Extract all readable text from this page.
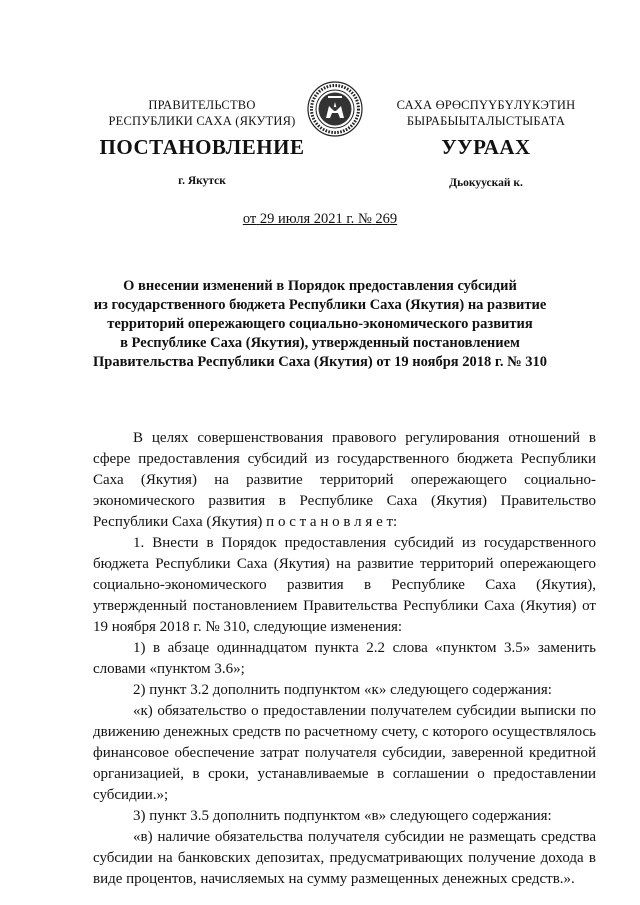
ПРАВИТЕЛЬСТВО
РЕСПУБЛИКИ САХА (ЯКУТИЯ)
САХА ӨРӨСПҮҮБҮЛҮКЭТИН
БЫРАБЫЫТАЛЫСТЫБАТА
ПОСТАНОВЛЕНИЕ	УУРААХ
г. Якутск	Дьокуускай к.
от 29 июля 2021 г. № 269
О внесении изменений в Порядок предоставления субсидий
из государственного бюджета Республики Саха (Якутия) на развитие
территорий опережающего социально-экономического развития
в Республике Саха (Якутия), утвержденный постановлением
Правительства Республики Саха (Якутия) от 19 ноября 2018 г. № 310

В целях совершенствования правового регулирования отношений в сфере предоставления субсидий из государственного бюджета Республики Саха (Якутия) на развитие территорий опережающего социально-экономического развития в Республике Саха (Якутия) Правительство Республики Саха (Якутия) п о с т а н о в л я е т:

1. Внести в Порядок предоставления субсидий из государственного бюджета Республики Саха (Якутия) на развитие территорий опережающего социально-экономического развития в Республике Саха (Якутия), утвержденный постановлением Правительства Республики Саха (Якутия) от 19 ноября 2018 г. № 310, следующие изменения:

1) в абзаце одиннадцатом пункта 2.2 слова «пунктом 3.5» заменить словами «пунктом 3.6»;

2) пункт 3.2 дополнить подпунктом «к» следующего содержания:

«к) обязательство о предоставлении получателем субсидии выписки по движению денежных средств по расчетному счету, с которого осуществлялось финансовое обеспечение затрат получателя субсидии, заверенной кредитной организацией, в сроки, устанавливаемые в соглашении о предоставлении субсидии.»;

3) пункт 3.5 дополнить подпунктом «в» следующего содержания:

«в) наличие обязательства получателя субсидии не размещать средства субсидии на банковских депозитах, предусматривающих получение дохода в виде процентов, начисляемых на сумму размещенных денежных средств.».
